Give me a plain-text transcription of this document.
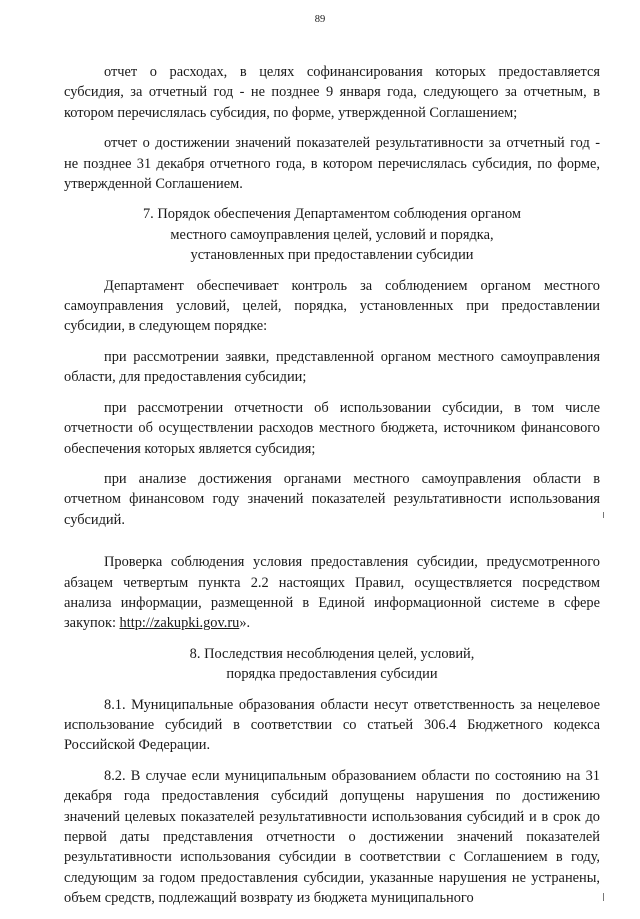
89

отчет о расходах, в целях софинансирования которых предоставляется субсидия, за отчетный год - не позднее 9 января года, следующего за отчетным, в котором перечислялась субсидия, по форме, утвержденной Соглашением;

отчет о достижении значений показателей результативности за отчетный год - не позднее 31 декабря отчетного года, в котором перечислялась субсидия, по форме, утвержденной Соглашением.

7. Порядок обеспечения Департаментом соблюдения органом
местного самоуправления целей, условий и порядка,
установленных при предоставлении субсидии

Департамент обеспечивает контроль за соблюдением органом местного самоуправления условий, целей, порядка, установленных при предоставлении субсидии, в следующем порядке:

при рассмотрении заявки, представленной органом местного самоуправления области, для предоставления субсидии;

при рассмотрении отчетности об использовании субсидии, в том числе отчетности об осуществлении расходов местного бюджета, источником финансового обеспечения которых является субсидия;

при анализе достижения органами местного самоуправления области в отчетном финансовом году значений показателей результативности использования субсидий.

Проверка соблюдения условия предоставления субсидии, предусмотренного абзацем четвертым пункта 2.2 настоящих Правил, осуществляется посредством анализа информации, размещенной в Единой информационной системе в сфере закупок: http://zakupki.gov.ru».

8. Последствия несоблюдения целей, условий,
порядка предоставления субсидии

8.1. Муниципальные образования области несут ответственность за нецелевое использование субсидий в соответствии со статьей 306.4 Бюджетного кодекса Российской Федерации.

8.2. В случае если муниципальным образованием области по состоянию на 31 декабря года предоставления субсидий допущены нарушения по достижению значений целевых показателей результативности использования субсидий и в срок до первой даты представления отчетности о достижении значений показателей результативности использования субсидии в соответствии с Соглашением в году, следующим за годом предоставления субсидии, указанные нарушения не устранены, объем средств, подлежащий возврату из бюджета муниципального
